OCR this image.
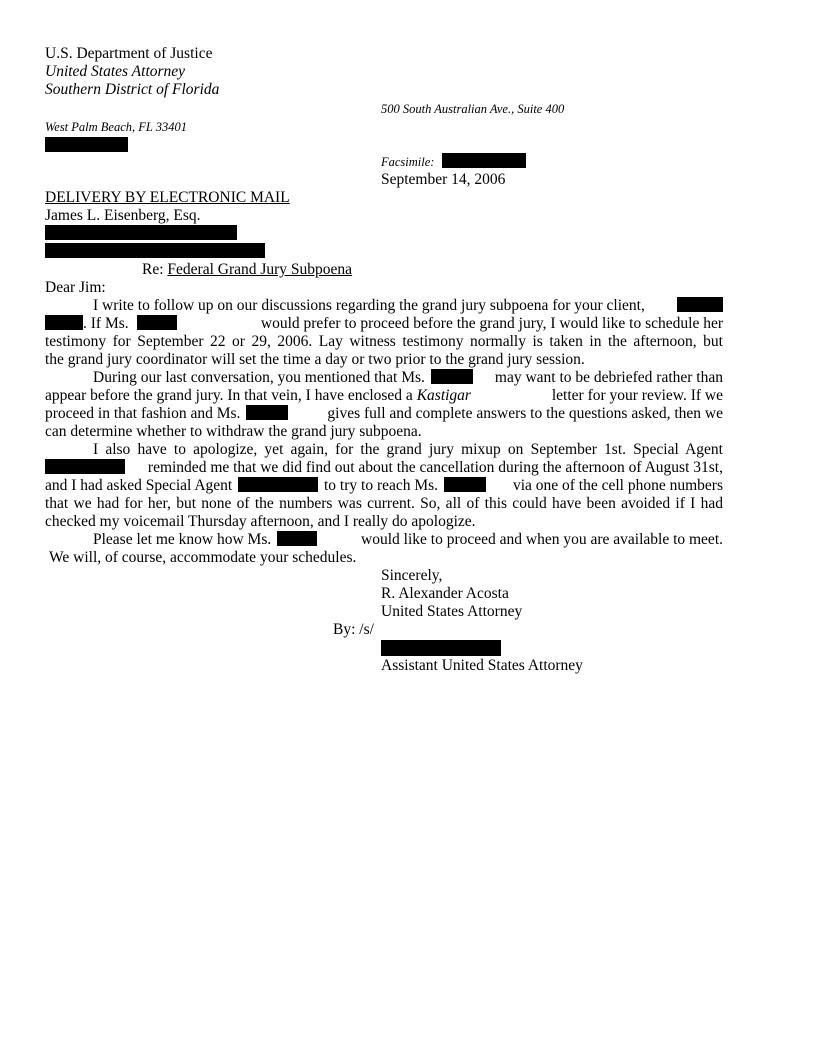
U.S. Department of Justice
United States Attorney
Southern District of Florida
500 South Australian Ave., Suite 400
West Palm Beach, FL 33401
Facsimile:
September 14, 2006
DELIVERY BY ELECTRONIC MAIL
James L. Eisenberg, Esq.
Re: Federal Grand Jury Subpoena
Dear Jim:
I write to follow up on our discussions regarding the grand jury subpoena for your client,
. If Ms.	would prefer to proceed before the grand jury, I would like to schedule her
testimony for September 22 or 29, 2006. Lay witness testimony normally is taken in the afternoon, but
the grand jury coordinator will set the time a day or two prior to the grand jury session.
During our last conversation, you mentioned that Ms.	may want to be debriefed rather than
appear before the grand jury. In that vein, I have enclosed a Kastigar	letter for your review. If we
proceed in that fashion and Ms.	gives full and complete answers to the questions asked, then we
can determine whether to withdraw the grand jury subpoena.
I also have to apologize, yet again, for the grand jury mixup on September 1st. Special Agent
reminded me that we did find out about the cancellation during the afternoon of August 31st,
and I had asked Special Agent	to try to reach Ms.	via one of the cell phone numbers
that we had for her, but none of the numbers was current. So, all of this could have been avoided if I had
checked my voicemail Thursday afternoon, and I really do apologize.
Please let me know how Ms.	would like to proceed and when you are available to meet.
We will, of course, accommodate your schedules.
Sincerely,
R. Alexander Acosta
United States Attorney
By: /s/
Assistant United States Attorney
